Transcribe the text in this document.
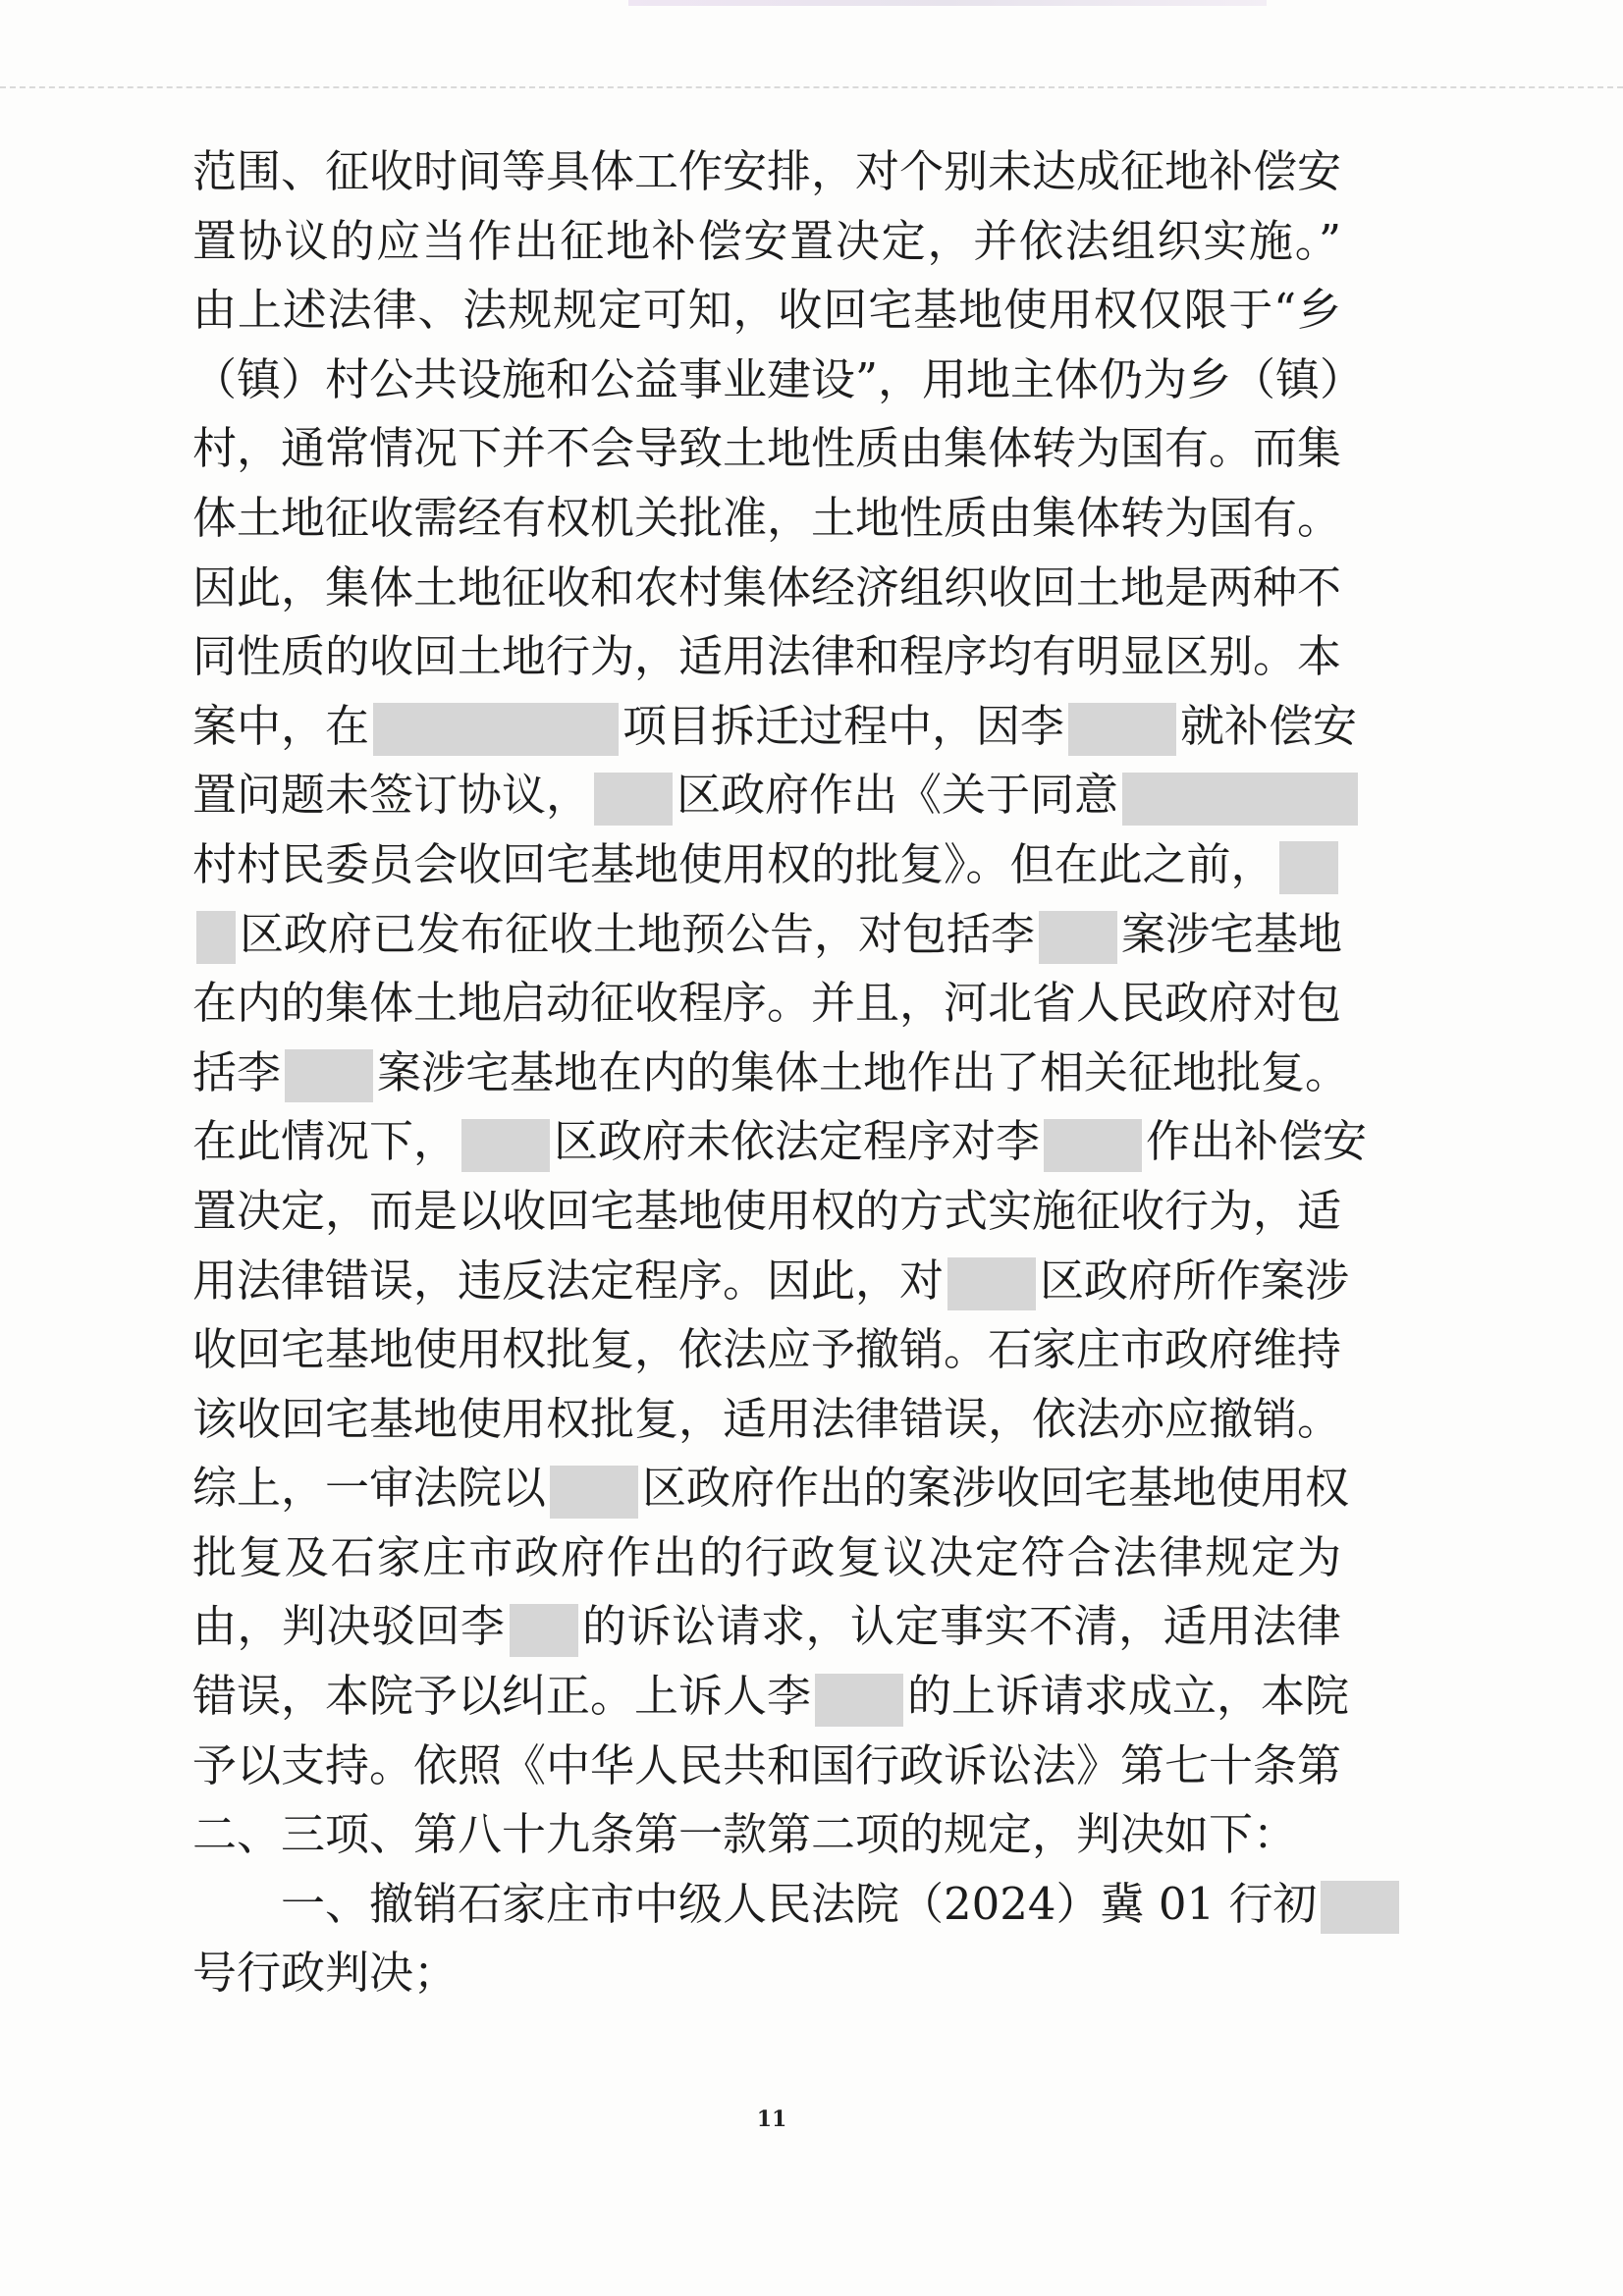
范围、征收时间等具体工作安排，对个别未达成征地补偿安
置协议的应当作出征地补偿安置决定，并依法组织实施。”
由上述法律、法规规定可知，收回宅基地使用权仅限于“乡
（镇）村公共设施和公益事业建设”，用地主体仍为乡（镇）
村，通常情况下并不会导致土地性质由集体转为国有。而集
体土地征收需经有权机关批准，土地性质由集体转为国有。
因此，集体土地征收和农村集体经济组织收回土地是两种不
同性质的收回土地行为，适用法律和程序均有明显区别。本
案中，在	项目拆迁过程中，因李	就补偿安
置问题未签订协议， 区政府作出《关于同意
村村民委员会收回宅基地使用权的批复》。但在此之前，
区政府已发布征收土地预公告，对包括李 案涉宅基地
在内的集体土地启动征收程序。并且，河北省人民政府对包
括李 案涉宅基地在内的集体土地作出了相关征地批复。
在此情况下， 区政府未依法定程序对李 作出补偿安
置决定，而是以收回宅基地使用权的方式实施征收行为，适
用法律错误，违反法定程序。因此，对 区政府所作案涉
收回宅基地使用权批复，依法应予撤销。石家庄市政府维持
该收回宅基地使用权批复，适用法律错误，依法亦应撤销。
综上，一审法院以 区政府作出的案涉收回宅基地使用权
批复及石家庄市政府作出的行政复议决定符合法律规定为
由，判决驳回李 的诉讼请求，认定事实不清，适用法律
错误，本院予以纠正。上诉人李 的上诉请求成立，本院
予以支持。依照《中华人民共和国行政诉讼法》第七十条第
二、三项、第八十九条第一款第二项的规定，判决如下：
一、撤销石家庄市中级人民法院（2024）冀 01 行初
号行政判决；
11
